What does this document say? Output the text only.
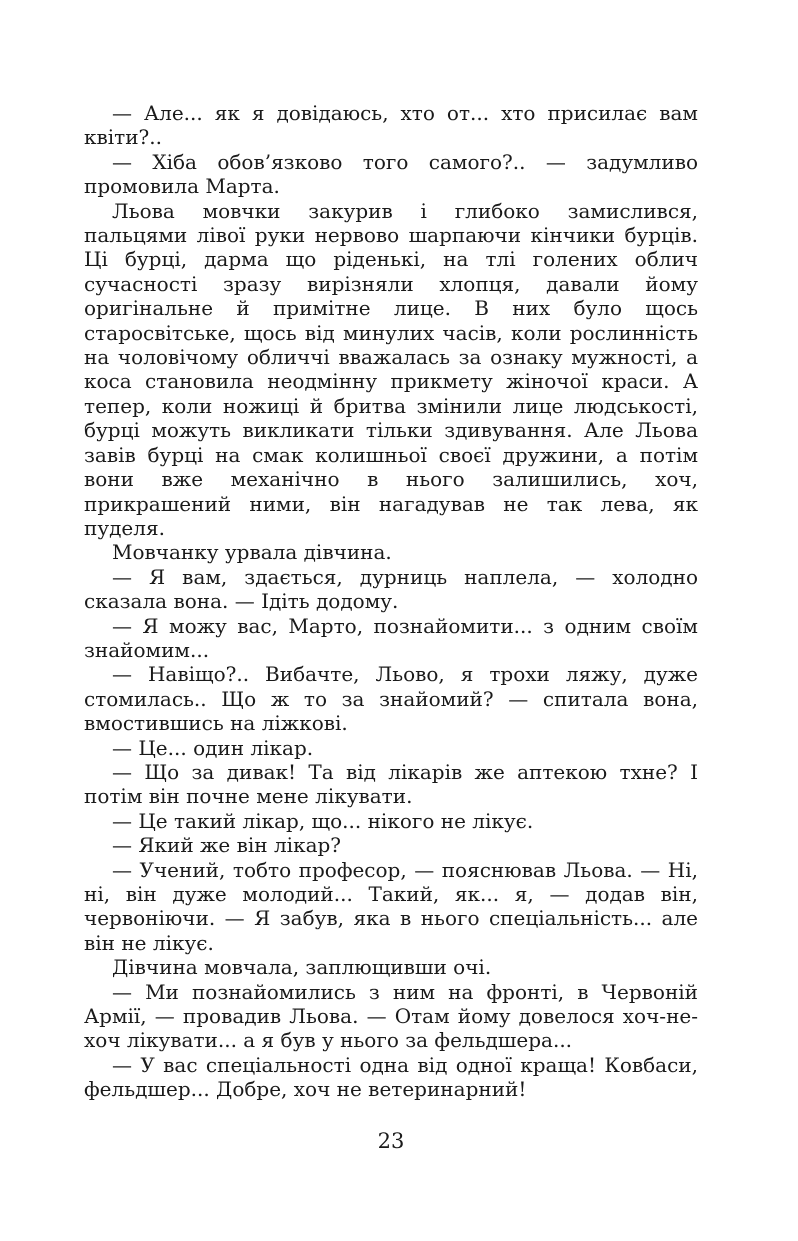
— Але... як я довідаюсь, хто от... хто присилає вам квіти?..

— Хіба обов’язково того самого?.. — задумливо промовила Марта.

Льова мовчки закурив і глибоко замислився, пальцями лівої руки нервово шарпаючи кінчики бурців. Ці бурці, дарма що ріденькі, на тлі голених облич сучасності зразу вирізняли хлопця, давали йому оригінальне й примітне лице. В них було щось старосвітське, щось від минулих часів, коли рослинність на чоловічому обличчі вважалась за ознаку мужності, а коса становила неодмінну прикмету жіночої краси. А тепер, коли ножиці й бритва змінили лице людськості, бурці можуть викликати тільки здивування. Але Льова завів бурці на смак колишньої своєї дружини, а потім вони вже механічно в нього залишились, хоч, прикрашений ними, він нагадував не так лева, як пуделя.

Мовчанку урвала дівчина.

— Я вам, здається, дурниць наплела, — холодно сказала вона. — Ідіть додому.

— Я можу вас, Марто, познайомити... з одним своїм знайомим...

— Навіщо?.. Вибачте, Льово, я трохи ляжу, дуже стомилась.. Що ж то за знайомий? — спитала вона, вмостившись на ліжкові.

— Це... один лікар.

— Що за дивак! Та від лікарів же аптекою тхне? І потім він почне мене лікувати.

— Це такий лікар, що... нікого не лікує.

— Який же він лікар?

— Учений, тобто професор, — пояснював Льова. — Ні, ні, він дуже молодий... Такий, як... я, — додав він, червоніючи. — Я забув, яка в нього спеціальність... але він не лікує.

Дівчина мовчала, заплющивши очі.

— Ми познайомились з ним на фронті, в Червоній Армії, — провадив Льова. — Отам йому довелося хоч-не-хоч лікувати... а я був у нього за фельдшера...

— У вас спеціальності одна від одної краща! Ковбаси, фельдшер... Добре, хоч не ветеринарний!

23
